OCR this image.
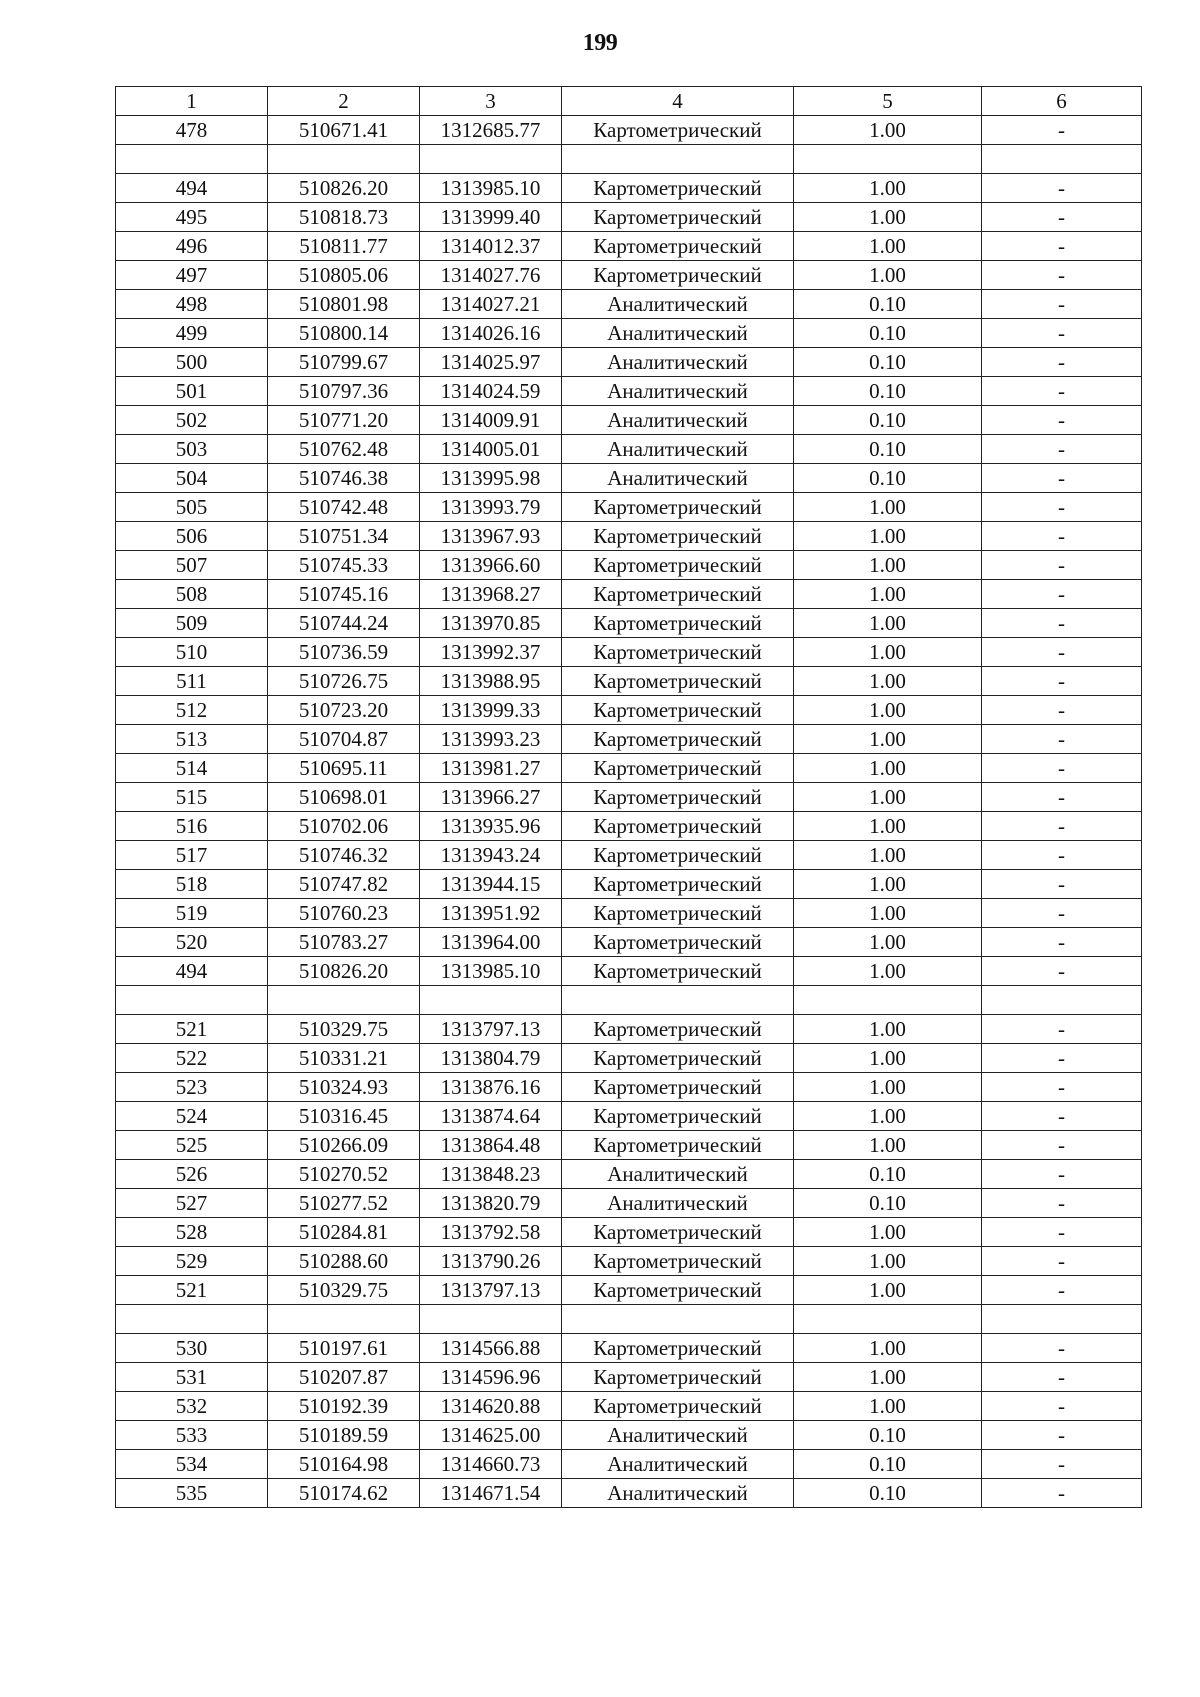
199
1	2	3	4	5	6
478	510671.41	1312685.77	Картометрический	1.00	-

494	510826.20	1313985.10	Картометрический	1.00	-
495	510818.73	1313999.40	Картометрический	1.00	-
496	510811.77	1314012.37	Картометрический	1.00	-
497	510805.06	1314027.76	Картометрический	1.00	-
498	510801.98	1314027.21	Аналитический	0.10	-
499	510800.14	1314026.16	Аналитический	0.10	-
500	510799.67	1314025.97	Аналитический	0.10	-
501	510797.36	1314024.59	Аналитический	0.10	-
502	510771.20	1314009.91	Аналитический	0.10	-
503	510762.48	1314005.01	Аналитический	0.10	-
504	510746.38	1313995.98	Аналитический	0.10	-
505	510742.48	1313993.79	Картометрический	1.00	-
506	510751.34	1313967.93	Картометрический	1.00	-
507	510745.33	1313966.60	Картометрический	1.00	-
508	510745.16	1313968.27	Картометрический	1.00	-
509	510744.24	1313970.85	Картометрический	1.00	-
510	510736.59	1313992.37	Картометрический	1.00	-
511	510726.75	1313988.95	Картометрический	1.00	-
512	510723.20	1313999.33	Картометрический	1.00	-
513	510704.87	1313993.23	Картометрический	1.00	-
514	510695.11	1313981.27	Картометрический	1.00	-
515	510698.01	1313966.27	Картометрический	1.00	-
516	510702.06	1313935.96	Картометрический	1.00	-
517	510746.32	1313943.24	Картометрический	1.00	-
518	510747.82	1313944.15	Картометрический	1.00	-
519	510760.23	1313951.92	Картометрический	1.00	-
520	510783.27	1313964.00	Картометрический	1.00	-
494	510826.20	1313985.10	Картометрический	1.00	-

521	510329.75	1313797.13	Картометрический	1.00	-
522	510331.21	1313804.79	Картометрический	1.00	-
523	510324.93	1313876.16	Картометрический	1.00	-
524	510316.45	1313874.64	Картометрический	1.00	-
525	510266.09	1313864.48	Картометрический	1.00	-
526	510270.52	1313848.23	Аналитический	0.10	-
527	510277.52	1313820.79	Аналитический	0.10	-
528	510284.81	1313792.58	Картометрический	1.00	-
529	510288.60	1313790.26	Картометрический	1.00	-
521	510329.75	1313797.13	Картометрический	1.00	-

530	510197.61	1314566.88	Картометрический	1.00	-
531	510207.87	1314596.96	Картометрический	1.00	-
532	510192.39	1314620.88	Картометрический	1.00	-
533	510189.59	1314625.00	Аналитический	0.10	-
534	510164.98	1314660.73	Аналитический	0.10	-
535	510174.62	1314671.54	Аналитический	0.10	-
